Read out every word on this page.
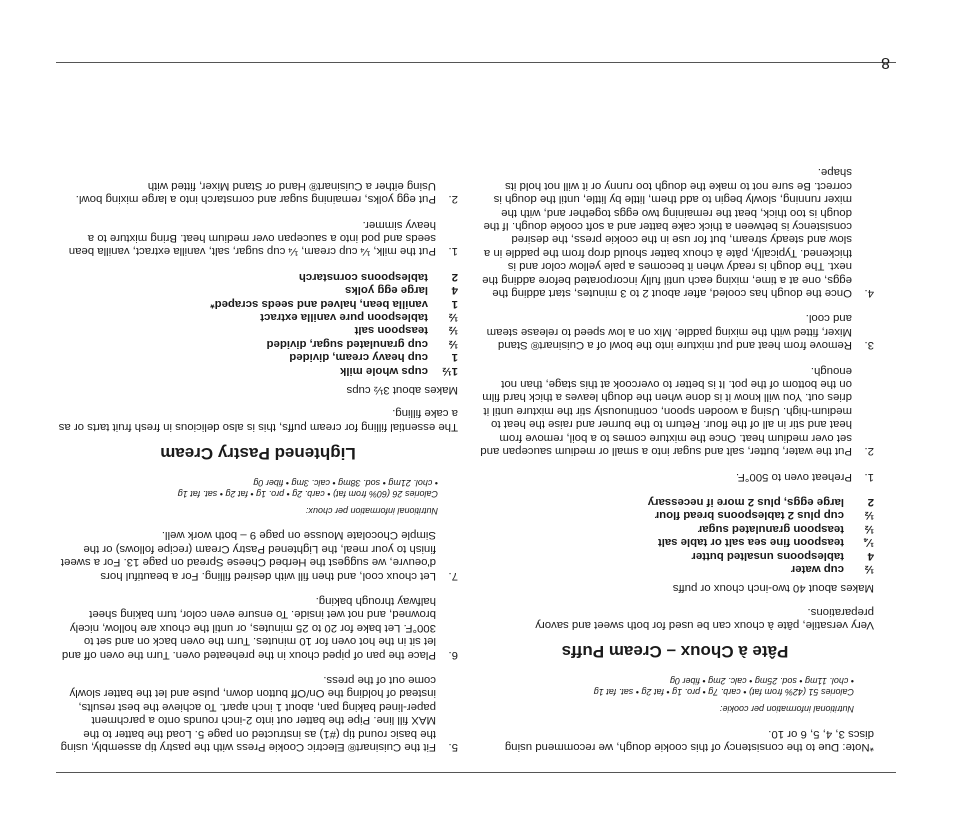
8

*Note: Due to the consistency of this cookie dough, we recommend using discs 3, 4, 5, 6 or 10.

Nutritional information per cookie:

Calories 51 (42% from fat) • carb. 7g • pro. 1g • fat 2g • sat. fat 1g

• chol. 11mg • sod. 25mg • calc. 2mg • fiber 0g

Pâte à Choux – Cream Puffs

Very versatile, pâte à choux can be used for both sweet and savory preparations.

Makes about 40 two-inch choux or puffs

½
cup water
4
tablespoons unsalted butter
¼
teaspoon fine sea salt or table salt
½
teaspoon granulated sugar
½
cup plus 2 tablespoons bread flour
2
large eggs, plus 2 more if necessary
1.
Preheat oven to 500°F.
2.
Put the water, butter, salt and sugar into a small or medium saucepan and set over medium heat. Once the mixture comes to a boil, remove from heat and stir in all of the flour. Return to the burner and raise the heat to medium-high. Using a wooden spoon, continuously stir the mixture until it dries out. You will know it is done when the dough leaves a thick hard film on the bottom of the pot. It is better to overcook at this stage, than not enough.
3.
Remove from heat and put mixture into the bowl of a Cuisinart® Stand Mixer, fitted with the mixing paddle. Mix on a low speed to release steam and cool.
4.
Once the dough has cooled, after about 2 to 3 minutes, start adding the eggs, one at a time, mixing each until fully incorporated before adding the next. The dough is ready when it becomes a pale yellow color and is thickened. Typically, pâte à choux batter should drop from the paddle in a slow and steady stream, but for use in the cookie press, the desired consistency is between a thick cake batter and a soft cookie dough. If the dough is too thick, beat the remaining two eggs together and, with the mixer running, slowly begin to add them, little by little, until the dough is correct. Be sure not to make the dough too runny or it will not hold its shape.
5.
Fit the Cuisinart® Electric Cookie Press with the pastry tip assembly, using the basic round tip (#1) as instructed on page 5. Load the batter to the MAX fill line. Pipe the batter out into 2-inch rounds onto a parchment paper-lined baking pan, about 1 inch apart. To achieve the best results, instead of holding the On/Off button down, pulse and let the batter slowly come out of the press.
6.
Place the pan of piped choux in the preheated oven. Turn the oven off and let sit in the hot oven for 10 minutes. Turn the oven back on and set to 300°F. Let bake for 20 to 25 minutes, or until the choux are hollow, nicely browned, and not wet inside. To ensure even color, turn baking sheet halfway through baking.
7.
Let choux cool, and then fill with desired filling. For a beautiful hors d'oeuvre, we suggest the Herbed Cheese Spread on page 13. For a sweet finish to your meal, the Lightened Pastry Cream (recipe follows) or the Simple Chocolate Mousse on page 9 – both work well.

Nutritional information per choux:

Calories 26 (60% from fat) • carb. 2g • pro. 1g • fat 2g • sat. fat 1g

• chol. 21mg • sod. 38mg • calc. 3mg • fiber 0g

Lightened Pastry Cream

The essential filling for cream puffs, this is also delicious in fresh fruit tarts or as a cake filling.

Makes about 3½ cups

1½
cups whole milk
1
cup heavy cream, divided
½
cup granulated sugar, divided
½
teaspoon salt
½
tablespoon pure vanilla extract
1
vanilla bean, halved and seeds scraped*
4
large egg yolks
2
tablespoons cornstarch
1.
Put the milk, ¼ cup cream, ¼ cup sugar, salt, vanilla extract, vanilla bean seeds and pod into a saucepan over medium heat. Bring mixture to a heavy simmer.
2.
Put egg yolks, remaining sugar and cornstarch into a large mixing bowl. Using either a Cuisinart® Hand or Stand Mixer, fitted with
